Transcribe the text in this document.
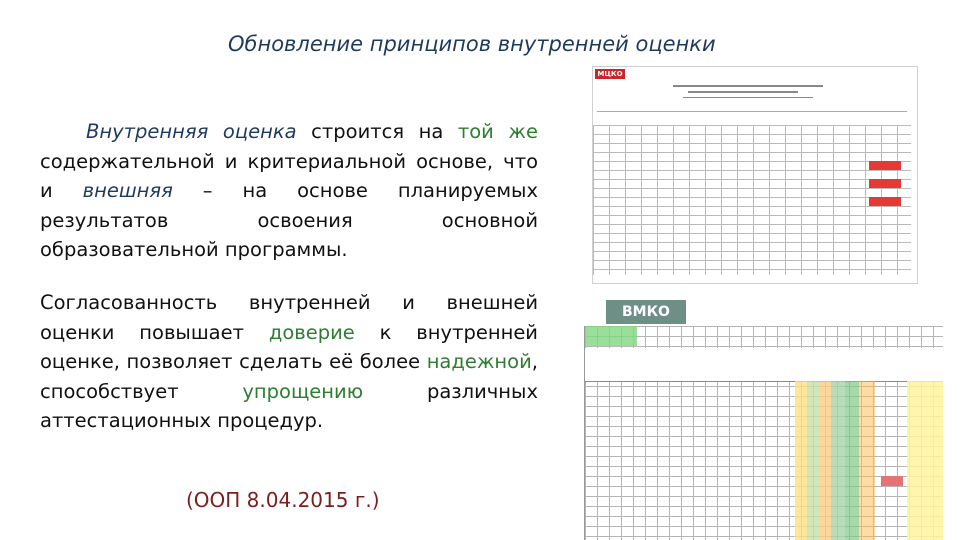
Обновление принципов внутренней оценки
Внутренняя оценка строится на той же содержательной и критериальной основе, что и внешняя – на основе планируемых результатов освоения основной образовательной программы.
Согласованность внутренней и внешней оценки повышает доверие к внутренней оценке, позволяет сделать её более надежной, способствует упрощению различных аттестационных процедур.
(ООП 8.04.2015 г.)
МЦКО
ВМКО
